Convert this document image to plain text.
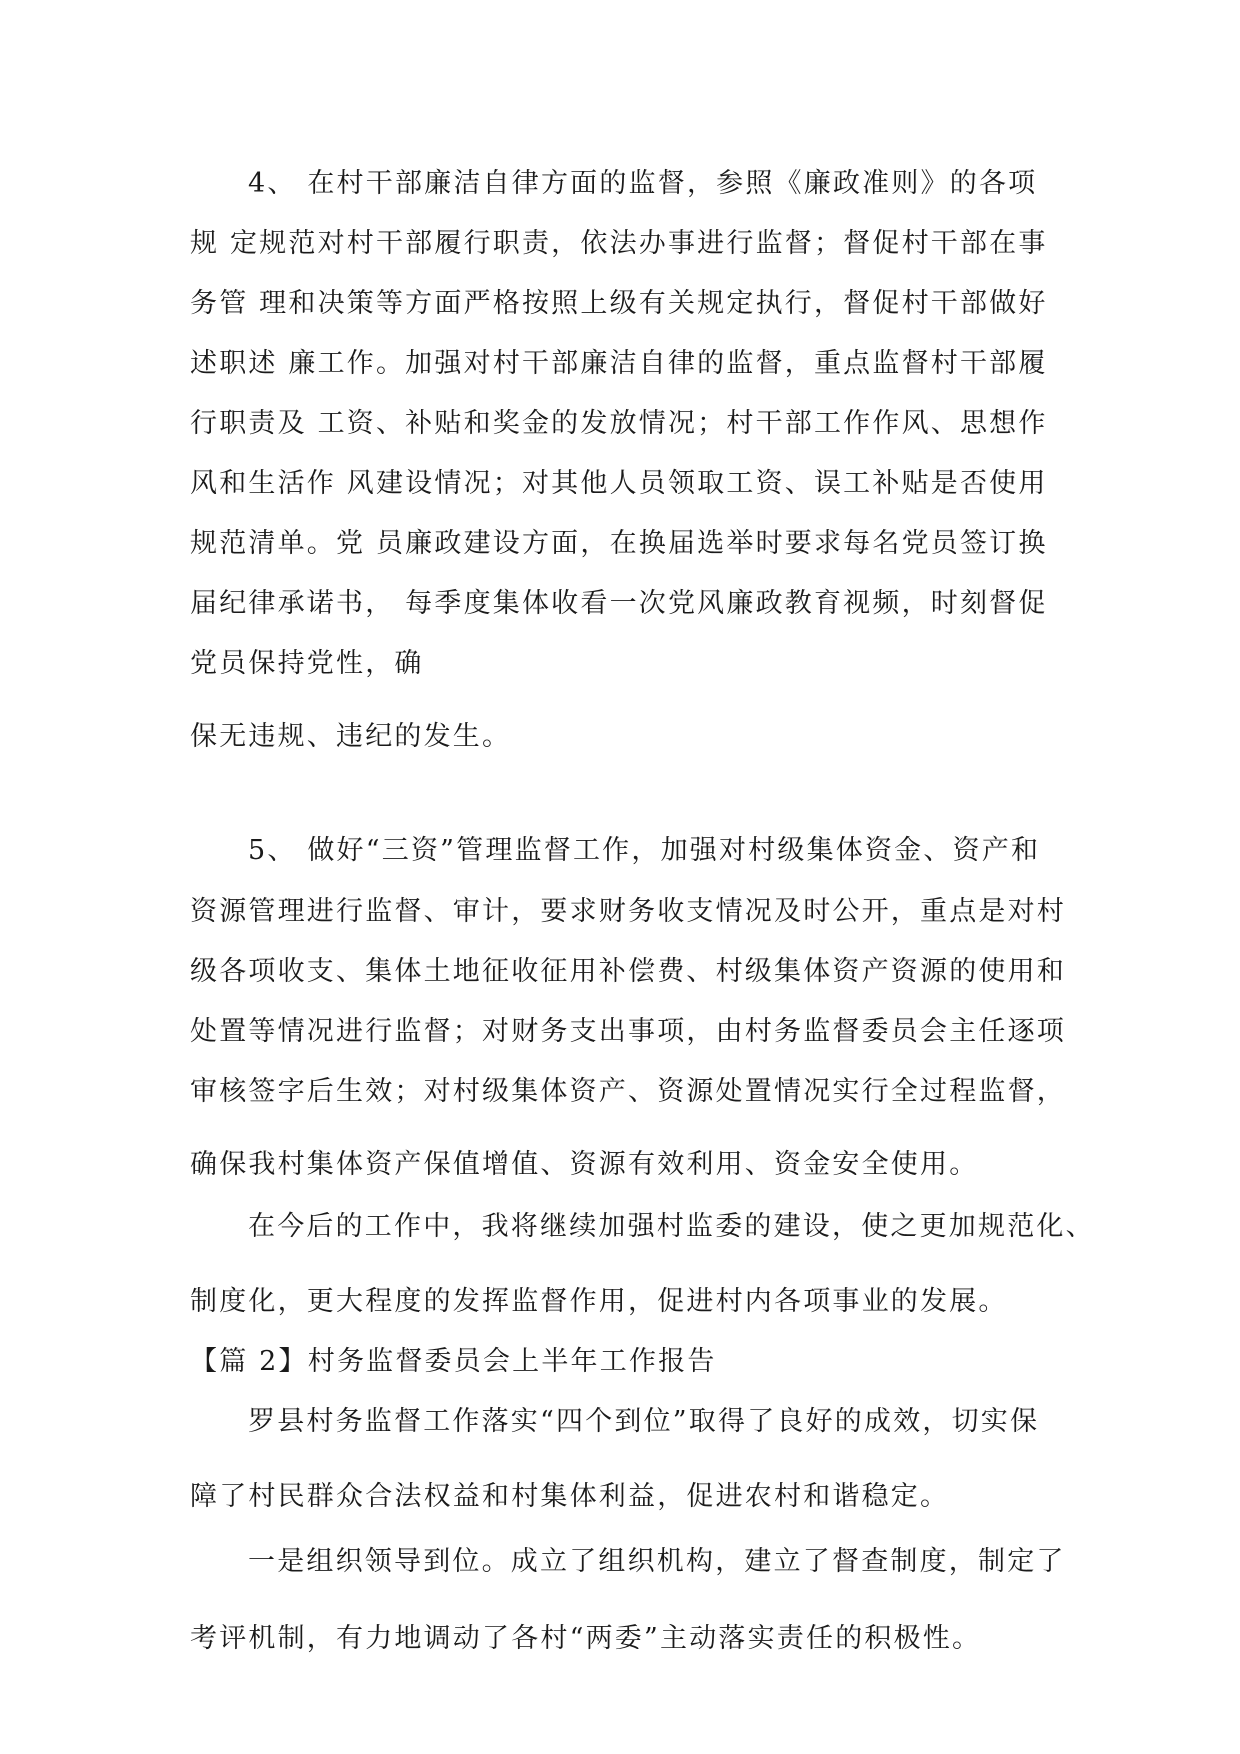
4、 在村干部廉洁自律方面的监督，参照《廉政准则》的各项
规 定规范对村干部履行职责，依法办事进行监督；督促村干部在事
务管 理和决策等方面严格按照上级有关规定执行，督促村干部做好
述职述 廉工作。加强对村干部廉洁自律的监督，重点监督村干部履
行职责及 工资、补贴和奖金的发放情况；村干部工作作风、思想作
风和生活作 风建设情况；对其他人员领取工资、误工补贴是否使用
规范清单。党 员廉政建设方面，在换届选举时要求每名党员签订换
届纪律承诺书， 每季度集体收看一次党风廉政教育视频，时刻督促
党员保持党性，确
保无违规、违纪的发生。
5、 做好“三资”管理监督工作，加强对村级集体资金、资产和
资源管理进行监督、审计，要求财务收支情况及时公开，重点是对村
级各项收支、集体土地征收征用补偿费、村级集体资产资源的使用和
处置等情况进行监督；对财务支出事项，由村务监督委员会主任逐项
审核签字后生效；对村级集体资产、资源处置情况实行全过程监督，
确保我村集体资产保值增值、资源有效利用、资金安全使用。
在今后的工作中，我将继续加强村监委的建设，使之更加规范化、
制度化，更大程度的发挥监督作用，促进村内各项事业的发展。
【篇 2】村务监督委员会上半年工作报告
罗县村务监督工作落实“四个到位”取得了良好的成效，切实保
障了村民群众合法权益和村集体利益，促进农村和谐稳定。
一是组织领导到位。成立了组织机构，建立了督查制度，制定了
考评机制，有力地调动了各村“两委”主动落实责任的积极性。
